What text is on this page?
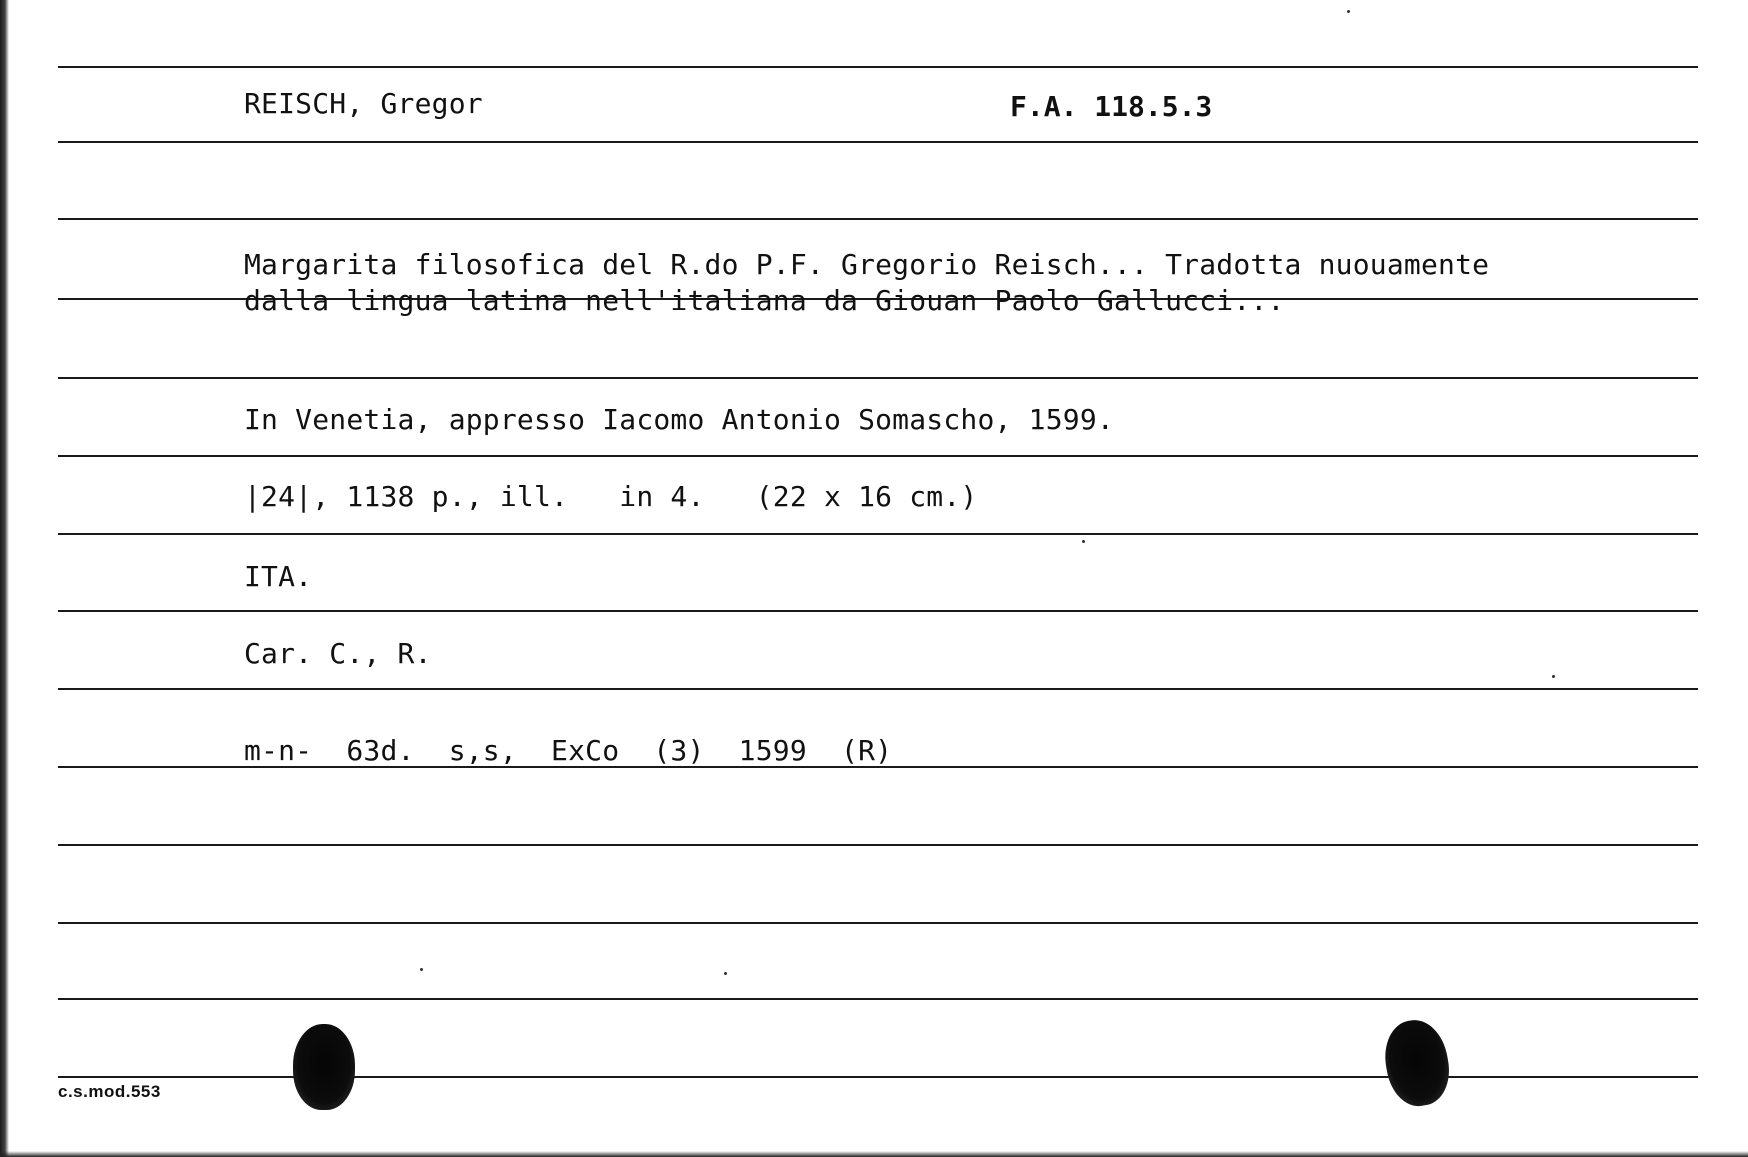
REISCH, Gregor	F.A. 118.5.3
Margarita filosofica del R.do P.F. Gregorio Reisch... Tradotta nuouamente
dalla lingua latina nell'italiana da Giouan Paolo Gallucci...
In Venetia, appresso Iacomo Antonio Somascho, 1599.
|24|, 1138 p., ill.   in 4.   (22 x 16 cm.)
ITA.
Car. C., R.
m-n-  63d.  s,s,  ExCo  (3)  1599  (R)
c.s.mod.553
